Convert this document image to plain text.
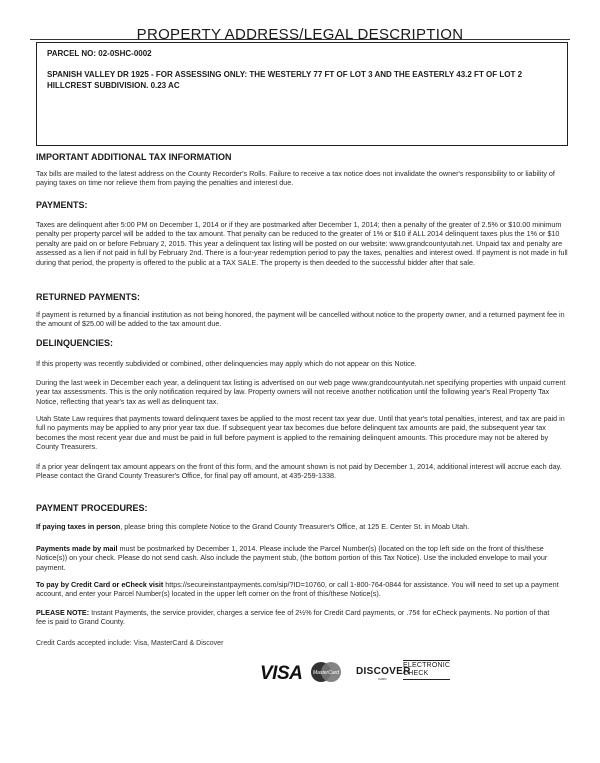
PROPERTY ADDRESS/LEGAL DESCRIPTION
PARCEL NO: 02-0SHC-0002
SPANISH VALLEY DR 1925 - FOR ASSESSING ONLY: THE WESTERLY 77 FT OF LOT 3 AND THE EASTERLY 43.2 FT OF LOT 2 HILLCREST SUBDIVISION. 0.23 AC
IMPORTANT ADDITIONAL TAX INFORMATION
Tax bills are mailed to the latest address on the County Recorder's Rolls. Failure to receive a tax notice does not invalidate the owner's responsibility to or liability of paying taxes on time nor relieve them from paying the penalties and interest due.
PAYMENTS:
Taxes are delinquent after 5:00 PM on December 1, 2014 or if they are postmarked after December 1, 2014; then a penalty of the greater of 2.5% or $10.00 minimum penalty per property parcel will be added to the tax amount. That penalty can be reduced to the greater of 1% or $10 if ALL 2014 delinquent taxes plus the 1% or $10 penalty are paid on or before February 2, 2015. This year a delinquent tax listing will be posted on our website: www.grandcountyutah.net. Unpaid tax and penalty are assessed as a lien if not paid in full by February 2nd. There is a four-year redemption period to pay the taxes, penalties and interest owed. If payment is not made in full during that period, the property is offered to the public at a TAX SALE. The property is then deeded to the successful bidder after that sale.
RETURNED PAYMENTS:
If payment is returned by a financial institution as not being honored, the payment will be cancelled without notice to the property owner, and a returned payment fee in the amount of $25.00 will be added to the tax amount due.
DELINQUENCIES:
If this property was recently subdivided or combined, other delinquencies may apply which do not appear on this Notice.
During the last week in December each year, a delinquent tax listing is advertised on our web page www.grandcountyutah.net specifying properties with unpaid current year tax assessments. This is the only notification required by law. Property owners will not receive another notification until the following year's Real Property Tax Notice, reflecting that year's tax as well as delinquent tax.
Utah State Law requires that payments toward delinquent taxes be applied to the most recent tax year due. Until that year's total penalties, interest, and tax are paid in full no payments may be applied to any prior year tax due. If subsequent year tax becomes due before delinquent tax amounts are paid, the subsequent year tax becomes the most recent year due and must be paid in full before payment is applied to the remaining delinquent amounts. This procedure may not be altered by County Treasurers.
If a prior year delinqent tax amount appears on the front of this form, and the amount shown is not paid by December 1, 2014, additional interest will accrue each day. Please contact the Grand County Treasurer's Office, for final pay off amount, at 435-259-1338.
PAYMENT PROCEDURES:
If paying taxes in person, please bring this complete Notice to the Grand County Treasurer's Office, at 125 E. Center St. in Moab Utah.
Payments made by mail must be postmarked by December 1, 2014. Please include the Parcel Number(s) (located on the top left side on the front of this/these Notice(s)) on your check. Please do not send cash. Also include the payment stub, (the bottom portion of this Tax Notice). Use the included envelope to mail your payment.
To pay by Credit Card or eCheck visit https://secureinstantpayments.com/sip/?ID=10760, or call 1-800-764-0844 for assistance. You will need to set up a payment account, and enter your Parcel Number(s) located in the upper left corner on the front of this/these Notice(s).
PLEASE NOTE: Instant Payments, the service provider, charges a service fee of 2½% for Credit Card payments, or .75¢ for eCheck payments. No portion of that fee is paid to Grand County.
Credit Cards accepted include: Visa, MasterCard & Discover
VISA MasterCard DISCOVER
CARD
ELECTRONIC
CHECK
